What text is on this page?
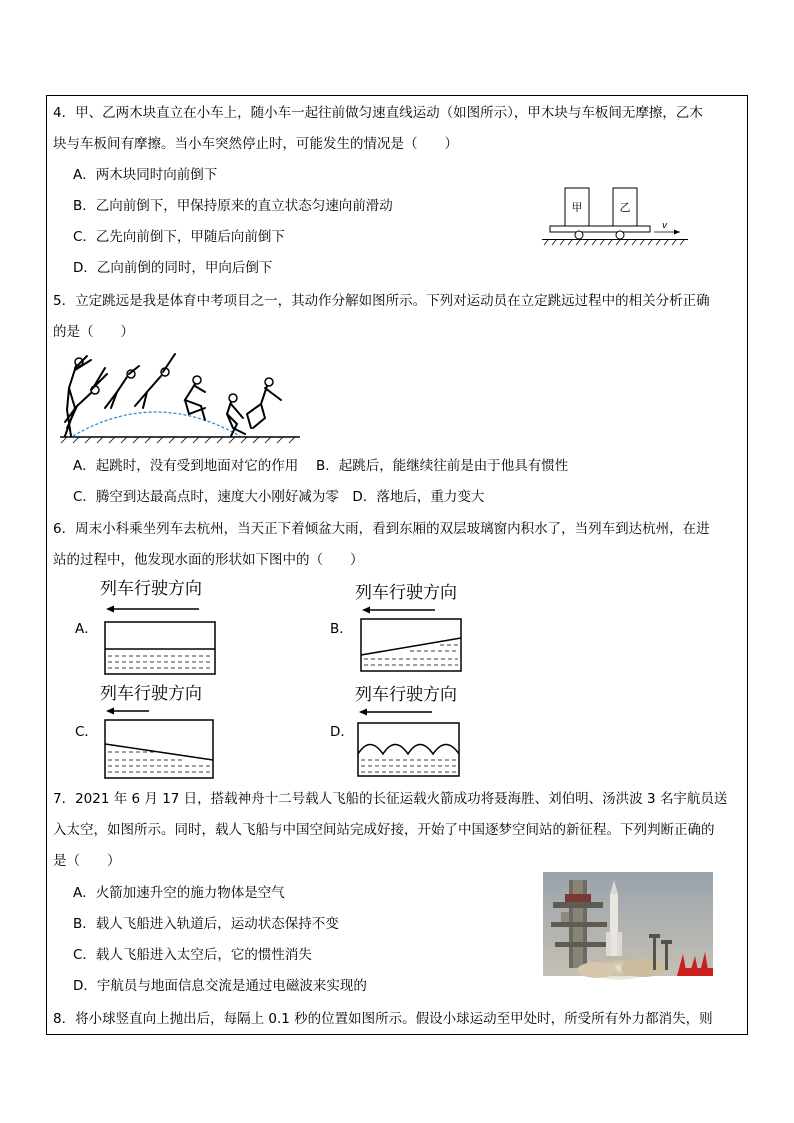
4．甲、乙两木块直立在小车上，随小车一起往前做匀速直线运动（如图所示），甲木块与车板间无摩擦，乙木
块与车板间有摩擦。当小车突然停止时，可能发生的情况是（　　）
A．两木块同时向前倒下
B．乙向前倒下，甲保持原来的直立状态匀速向前滑动
C．乙先向前倒下，甲随后向前倒下
D．乙向前倒的同时，甲向后倒下
甲	乙
v
5．立定跳远是我是体育中考项目之一，其动作分解如图所示。下列对运动员在立定跳远过程中的相关分析正确
的是（　　）
A．起跳时，没有受到地面对它的作用　 B．起跳后，能继续往前是由于他具有惯性
C．腾空到达最高点时，速度大小刚好减为零　D．落地后，重力变大
6．周末小科乘坐列车去杭州，当天正下着倾盆大雨，看到东厢的双层玻璃窗内积水了，当列车到达杭州，在进
站的过程中，他发现水面的形状如下图中的（　　）
A．
列车行驶方向
B．
列车行驶方向
C．
列车行驶方向
D．
列车行驶方向
7．2021 年 6 月 17 日，搭载神舟十二号载人飞船的长征运载火箭成功将聂海胜、刘伯明、汤洪波 3 名宇航员送
入太空，如图所示。同时，载人飞船与中国空间站完成好接，开始了中国逐梦空间站的新征程。下列判断正确的
是（　　）
A．火箭加速升空的施力物体是空气
B．载人飞船进入轨道后，运动状态保持不变
C．载人飞船进入太空后，它的惯性消失
D．宇航员与地面信息交流是通过电磁波来实现的
8．将小球竖直向上抛出后，每隔上 0.1 秒的位置如图所示。假设小球运动至甲处时，所受所有外力都消失，则
